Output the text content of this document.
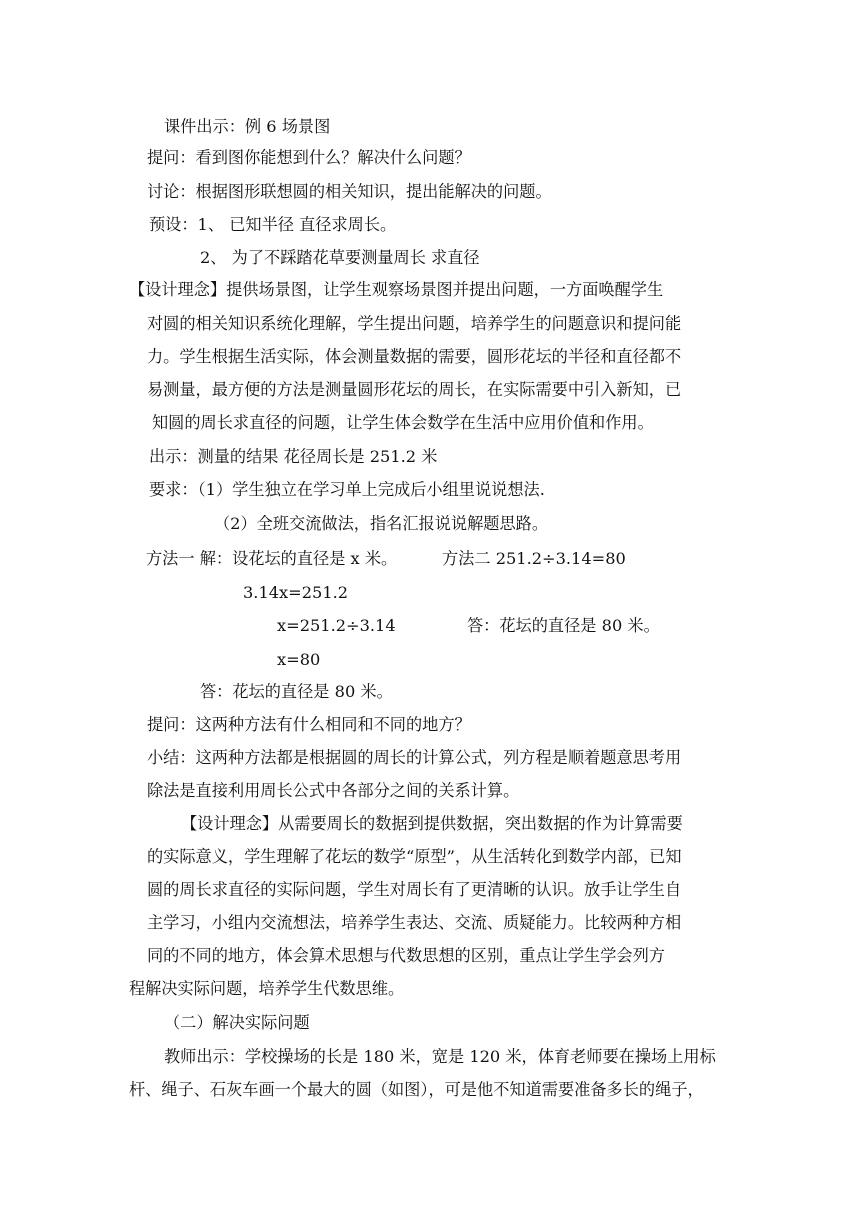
课件出示：例 6 场景图
提问：看到图你能想到什么？解决什么问题？
讨论：根据图形联想圆的相关知识，提出能解决的问题。
预设：1、 已知半径 直径求周长。
2、 为了不踩踏花草要测量周长 求直径
【设计理念】提供场景图，让学生观察场景图并提出问题，一方面唤醒学生
对圆的相关知识系统化理解，学生提出问题，培养学生的问题意识和提问能
力。学生根据生活实际，体会测量数据的需要，圆形花坛的半径和直径都不
易测量，最方便的方法是测量圆形花坛的周长，在实际需要中引入新知，已
知圆的周长求直径的问题，让学生体会数学在生活中应用价值和作用。
出示：测量的结果 花径周长是 251.2 米
要求：（1）学生独立在学习单上完成后小组里说说想法.
（2）全班交流做法，指名汇报说说解题思路。
方法一 解：设花坛的直径是 x 米。	方法二 251.2÷3.14=80
3.14x=251.2
x=251.2÷3.14	答：花坛的直径是 80 米。
x=80
答：花坛的直径是 80 米。
提问：这两种方法有什么相同和不同的地方？
小结：这两种方法都是根据圆的周长的计算公式，列方程是顺着题意思考用
除法是直接利用周长公式中各部分之间的关系计算。
【设计理念】从需要周长的数据到提供数据，突出数据的作为计算需要
的实际意义，学生理解了花坛的数学“原型”，从生活转化到数学内部，已知
圆的周长求直径的实际问题，学生对周长有了更清晰的认识。放手让学生自
主学习，小组内交流想法，培养学生表达、交流、质疑能力。比较两种方相
同的不同的地方，体会算术思想与代数思想的区别，重点让学生学会列方
程解决实际问题，培养学生代数思维。
（二）解决实际问题
教师出示：学校操场的长是 180 米，宽是 120 米，体育老师要在操场上用标
杆、绳子、石灰车画一个最大的圆（如图），可是他不知道需要准备多长的绳子，
